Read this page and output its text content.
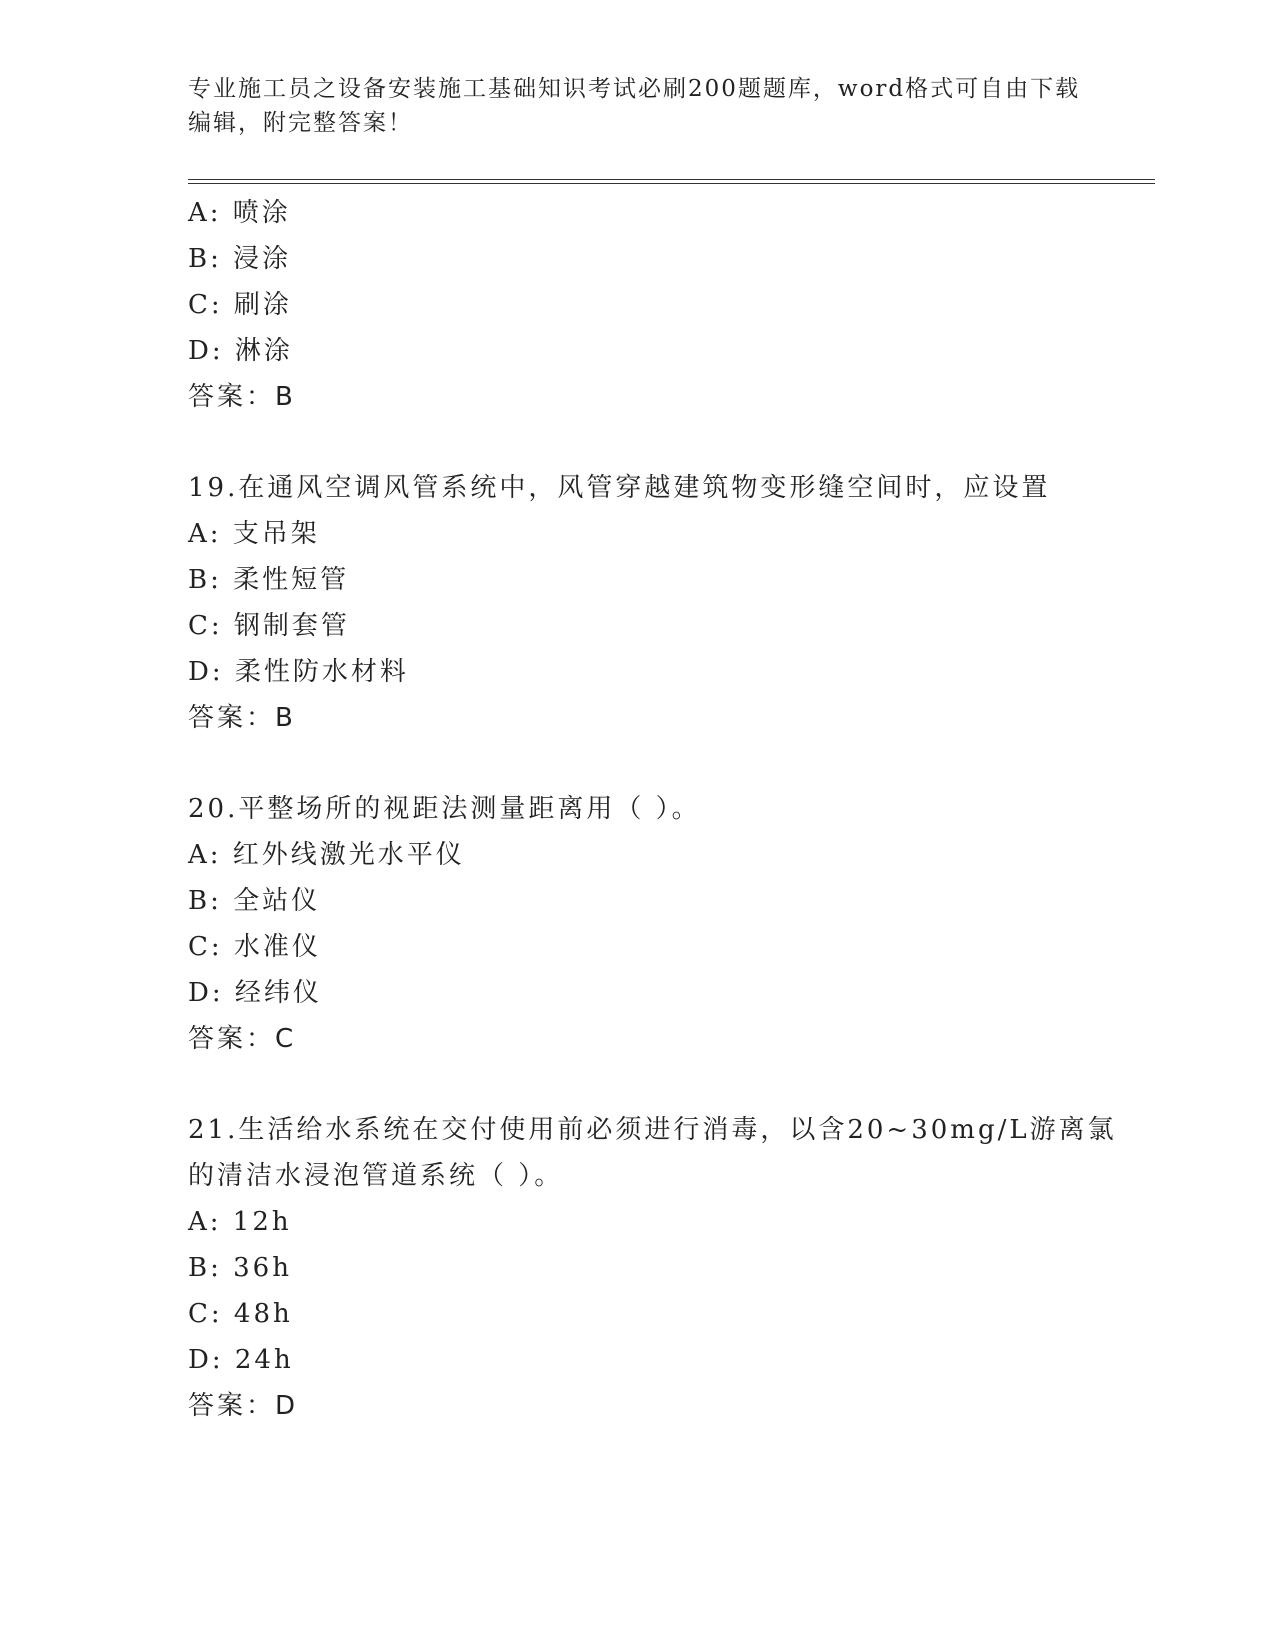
专业施工员之设备安装施工基础知识考试必刷200题题库，word格式可自由下载
编辑，附完整答案！

A: 喷涂

B: 浸涂

C: 刷涂

D: 淋涂

答案：B

19.在通风空调风管系统中，风管穿越建筑物变形缝空间时，应设置

A: 支吊架

B: 柔性短管

C: 钢制套管

D: 柔性防水材料

答案：B

20.平整场所的视距法测量距离用（ ）。

A: 红外线激光水平仪

B: 全站仪

C: 水准仪

D: 经纬仪

答案：C

21.生活给水系统在交付使用前必须进行消毒，以含20~30mg/L游离氯

的清洁水浸泡管道系统（ ）。

A: 12h

B: 36h

C: 48h

D: 24h

答案：D
